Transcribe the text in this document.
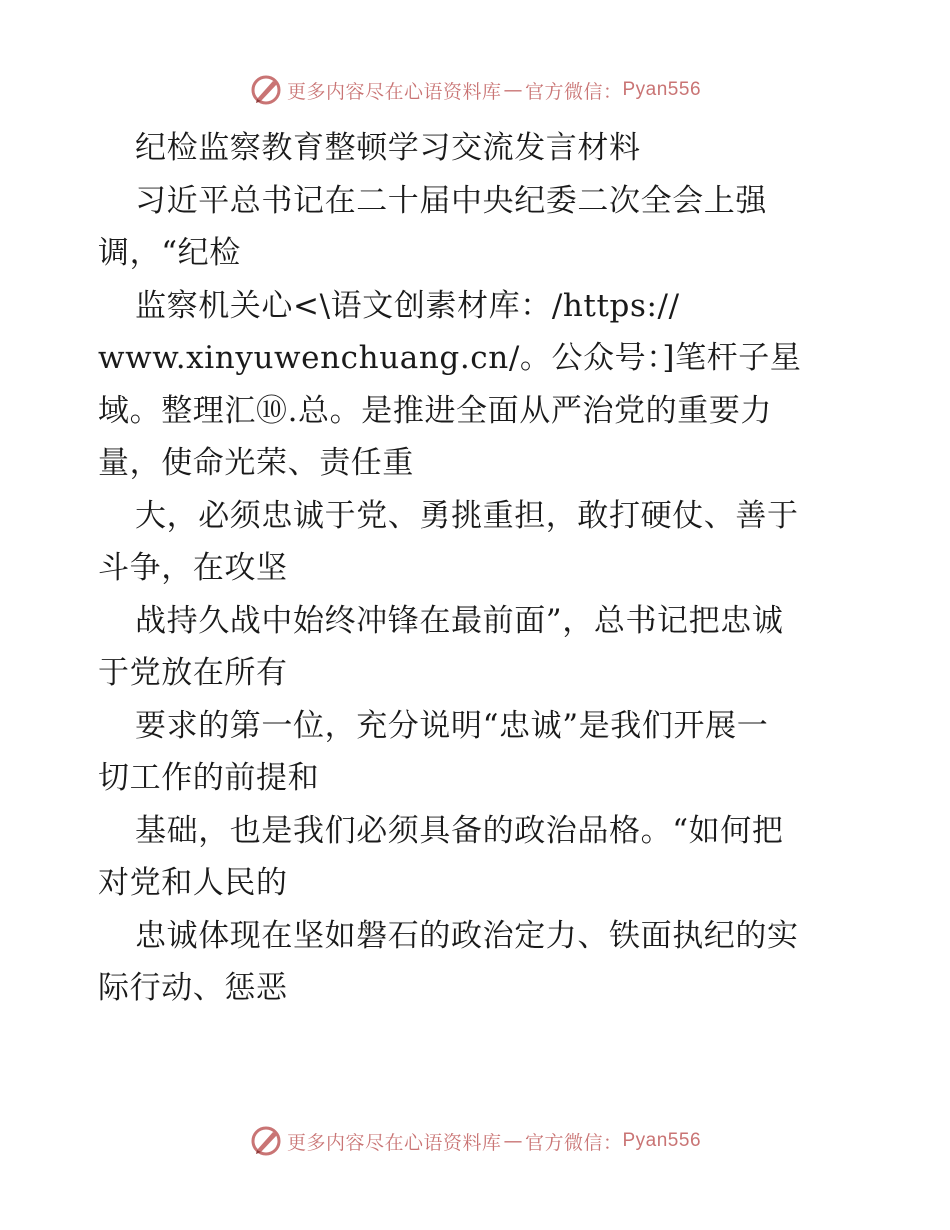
更多内容尽在心语资料库 — 官方微信： Pyan556
纪检监察教育整顿学习交流发言材料
习近平总书记在二十届中央纪委二次全会上强
调，“纪检
监察机关心<\语文创素材库：/https://
www.xinyuwenchuang.cn/。公众号：]笔杆子星
域。整理汇⑩.总。是推进全面从严治党的重要力
量，使命光荣、责任重
大，必须忠诚于党、勇挑重担，敢打硬仗、善于
斗争，在攻坚
战持久战中始终冲锋在最前面”，总书记把忠诚
于党放在所有
要求的第一位，充分说明“忠诚”是我们开展一
切工作的前提和
基础，也是我们必须具备的政治品格。“如何把
对党和人民的
忠诚体现在坚如磐石的政治定力、铁面执纪的实
际行动、惩恶
更多内容尽在心语资料库 — 官方微信： Pyan556
